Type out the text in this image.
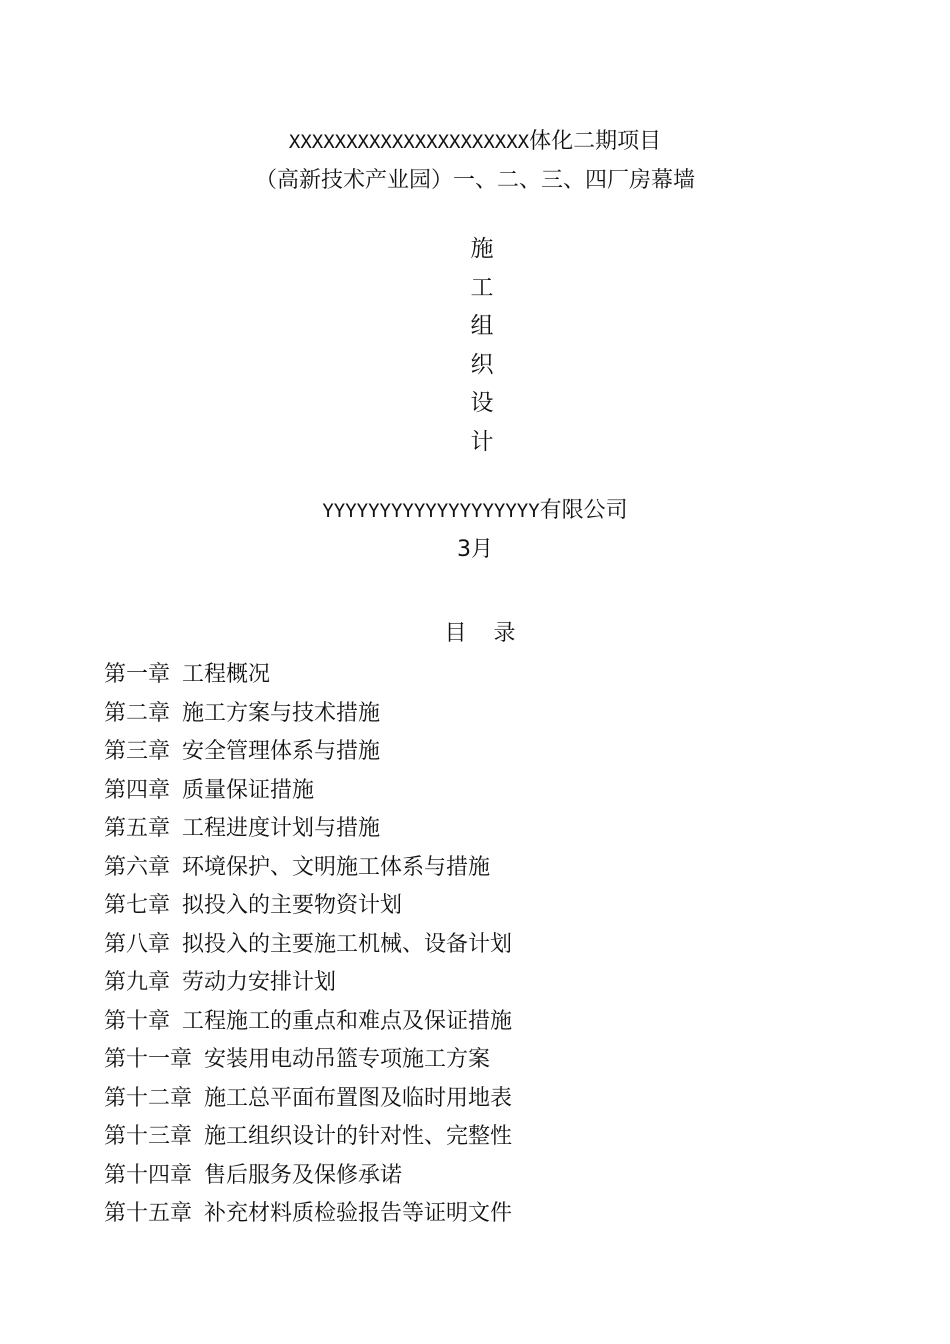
XXXXXXXXXXXXXXXXXXXXX体化二期项目
（高新技术产业园）一、二、三、四厂房幕墙
施
工
组
织
设
计
YYYYYYYYYYYYYYYYYYY有限公司
3月
目 录
第一章 工程概况
第二章 施工方案与技术措施
第三章 安全管理体系与措施
第四章 质量保证措施
第五章 工程进度计划与措施
第六章 环境保护、文明施工体系与措施
第七章 拟投入的主要物资计划
第八章 拟投入的主要施工机械、设备计划
第九章 劳动力安排计划
第十章 工程施工的重点和难点及保证措施
第十一章 安装用电动吊篮专项施工方案
第十二章 施工总平面布置图及临时用地表
第十三章 施工组织设计的针对性、完整性
第十四章 售后服务及保修承诺
第十五章 补充材料质检验报告等证明文件
